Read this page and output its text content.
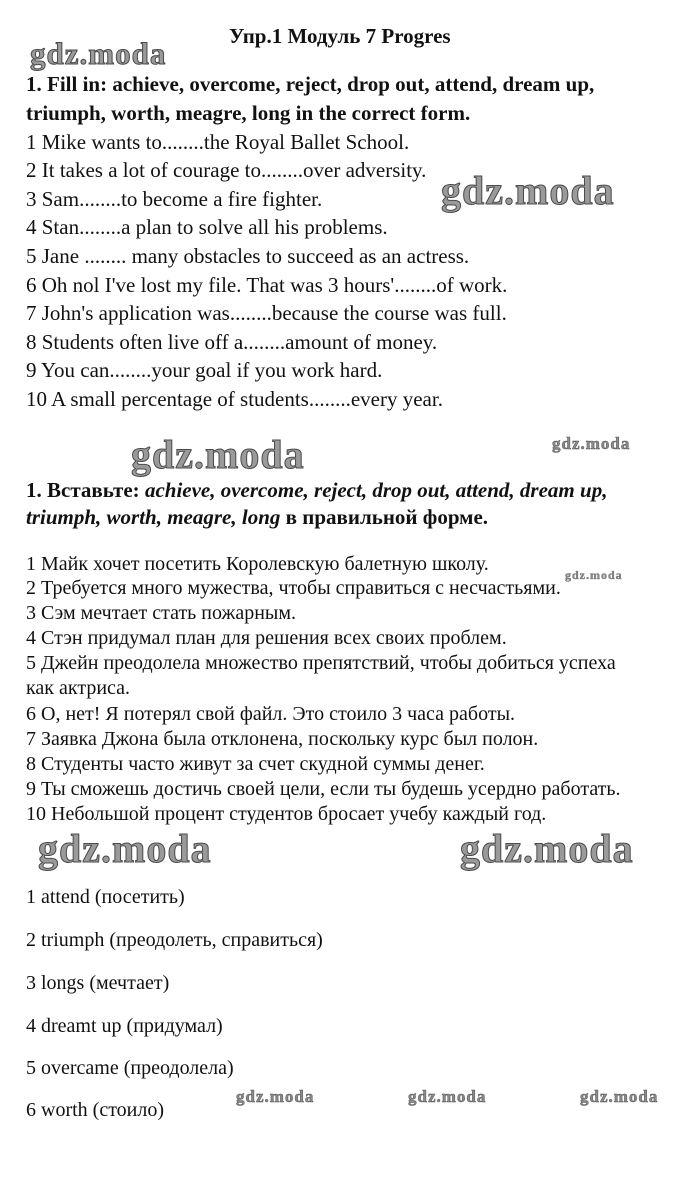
Упр.1 Модуль 7 Progres
1. Fill in: achieve, overcome, reject, drop out, attend, dream up,
triumph, worth, meagre, long in the correct form.
1 Mike wants to........the Royal Ballet School.
2 It takes a lot of courage to........over adversity.
3 Sam........to become a fire fighter.
4 Stan........a plan to solve all his problems.
5 Jane ........ many obstacles to succeed as an actress.
6 Oh nol I've lost my file. That was 3 hours'........of work.
7 John's application was........because the course was full.
8 Students often live off a........amount of money.
9 You can........your goal if you work hard.
10 A small percentage of students........every year.
1. Вставьте: achieve, overcome, reject, drop out, attend, dream up,
triumph, worth, meagre, long в правильной форме.
1 Майк хочет посетить Королевскую балетную школу.
2 Требуется много мужества, чтобы справиться с несчастьями.
3 Сэм мечтает стать пожарным.
4 Стэн придумал план для решения всех своих проблем.
5 Джейн преодолела множество препятствий, чтобы добиться успеха
как актриса.
6 О, нет! Я потерял свой файл. Это стоило 3 часа работы.
7 Заявка Джона была отклонена, поскольку курс был полон.
8 Студенты часто живут за счет скудной суммы денег.
9 Ты сможешь достичь своей цели, если ты будешь усердно работать.
10 Небольшой процент студентов бросает учебу каждый год.
1 attend (посетить)
2 triumph (преодолеть, справиться)
3 longs (мечтает)
4 dreamt up (придумал)
5 overcame (преодолела)
6 worth (стоило)
gdz.moda
gdz.moda
gdz.moda	gdz.moda
gdz.moda
gdz.moda	gdz.moda
gdz.moda	gdz.moda	gdz.moda
